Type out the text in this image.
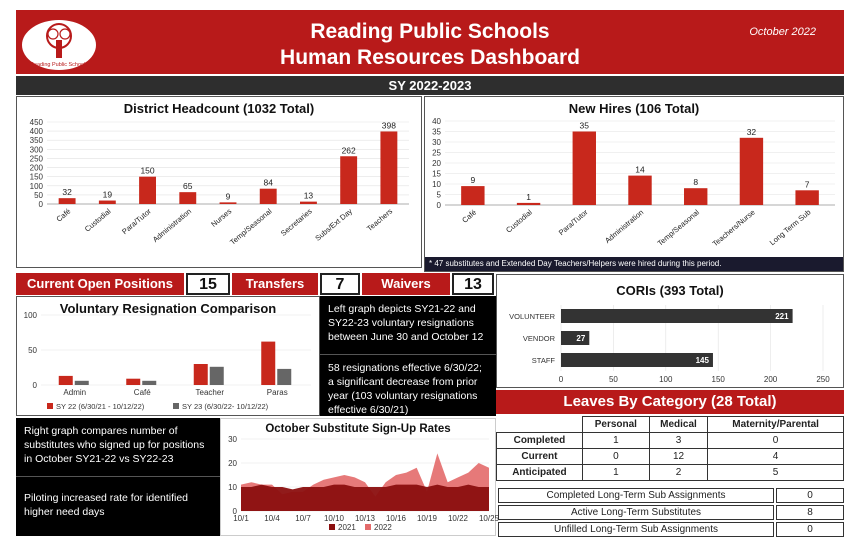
October 2022
Reading Public Schools
Reading Public Schools
Human Resources Dashboard
SY 2022-2023
District Headcount (1032 Total)
0
50
100
150
200
250
300
350
400
450
32
Café
19
Custodial
150
Para/Tutor
65
Administration
9
Nurses
84
Temp/Seasonal
13
Secretaries
262
Subs/Ext Day
398
Teachers
New Hires (106 Total)
0
5
10
15
20
25
30
35
40
9
Café
1
Custodial
35
Para/Tutor
14
Administration
8
Temp/Seasonal
32
Teachers/Nurse
7
Long Term Sub
* 47 substitutes and Extended Day Teachers/Helpers were hired during this period.
Current Open Positions	15	Transfers	7	Waivers	13
Voluntary Resignation Comparison
0
50
100
Admin	Café	Teacher	Paras
SY 22 (6/30/21 - 10/12/22)	SY 23 (6/30/22- 10/12/22)
Left graph depicts SY21-22 and SY22-23 voluntary resignations between June 30 and October 12
58 resignations effective 6/30/22; a significant decrease from prior year (103 voluntary resignations effective 6/30/21)
CORIs (393 Total)
0	50	100	150	200	250
221
VOLUNTEER
27
VENDOR
145
STAFF
Right graph compares number of substitutes who signed up for positions in October SY21-22 vs SY22-23
Piloting increased rate for identified higher need days
October Substitute Sign-Up Rates
0
10
20
30
10/1 10/4 10/7 10/10 10/13 10/16 10/19 10/22 10/25
2021 2022
Leaves By Category (28 Total)
	Personal	Medical	Maternity/Parental
Completed	1	3	0
Current	0	12	4
Anticipated	1	2	5
Completed Long-Term Sub Assignments	0
Active Long-Term Substitutes	8
Unfilled Long-Term Sub Assignments	0
